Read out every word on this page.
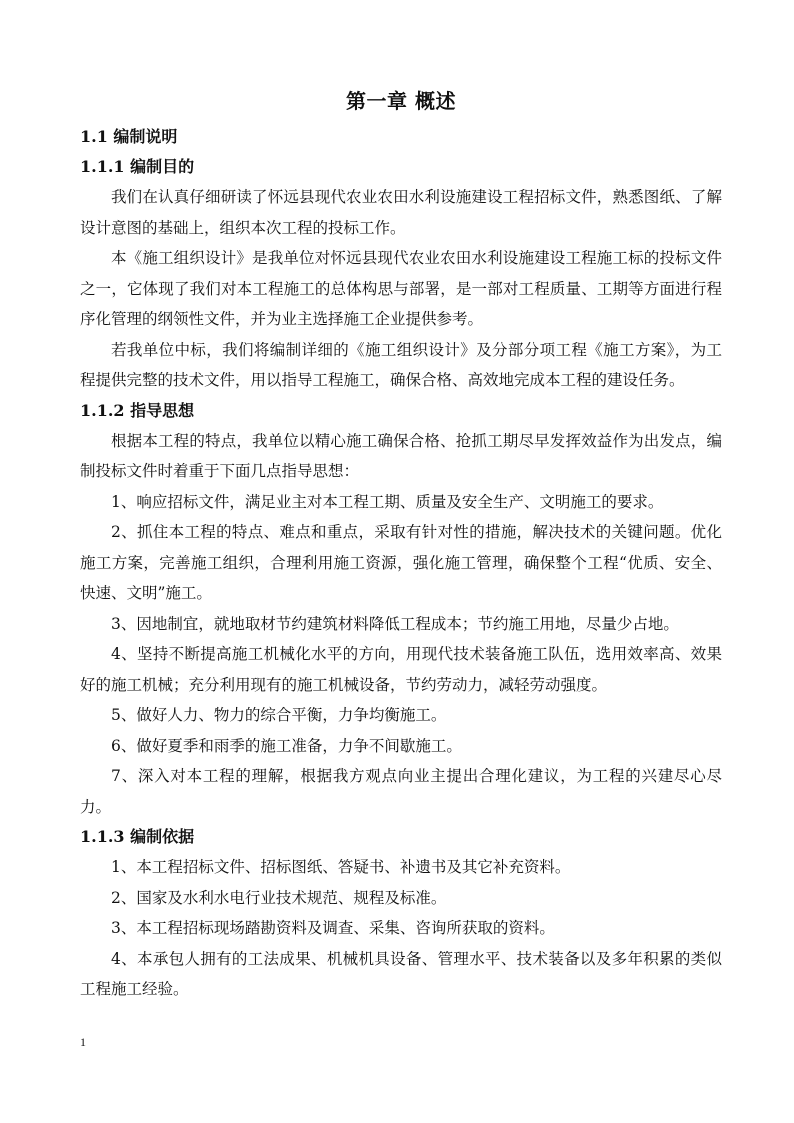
第一章 概述
1.1 编制说明
1.1.1 编制目的

我们在认真仔细研读了怀远县现代农业农田水利设施建设工程招标文件，熟悉图纸、了解设计意图的基础上，组织本次工程的投标工作。

本《施工组织设计》是我单位对怀远县现代农业农田水利设施建设工程施工标的投标文件之一，它体现了我们对本工程施工的总体构思与部署，是一部对工程质量、工期等方面进行程序化管理的纲领性文件，并为业主选择施工企业提供参考。

若我单位中标，我们将编制详细的《施工组织设计》及分部分项工程《施工方案》，为工程提供完整的技术文件，用以指导工程施工，确保合格、高效地完成本工程的建设任务。

1.1.2 指导思想

根据本工程的特点，我单位以精心施工确保合格、抢抓工期尽早发挥效益作为出发点，编制投标文件时着重于下面几点指导思想：

1、响应招标文件，满足业主对本工程工期、质量及安全生产、文明施工的要求。

2、抓住本工程的特点、难点和重点，采取有针对性的措施，解决技术的关键问题。优化施工方案，完善施工组织，合理利用施工资源，强化施工管理，确保整个工程“优质、安全、快速、文明”施工。

3、因地制宜，就地取材节约建筑材料降低工程成本；节约施工用地，尽量少占地。

4、坚持不断提高施工机械化水平的方向，用现代技术装备施工队伍，选用效率高、效果好的施工机械；充分利用现有的施工机械设备，节约劳动力，减轻劳动强度。

5、做好人力、物力的综合平衡，力争均衡施工。

6、做好夏季和雨季的施工准备，力争不间歇施工。

7、深入对本工程的理解，根据我方观点向业主提出合理化建议，为工程的兴建尽心尽力。

1.1.3 编制依据

1、本工程招标文件、招标图纸、答疑书、补遗书及其它补充资料。

2、国家及水利水电行业技术规范、规程及标准。

3、本工程招标现场踏勘资料及调查、采集、咨询所获取的资料。

4、本承包人拥有的工法成果、机械机具设备、管理水平、技术装备以及多年积累的类似工程施工经验。

1
